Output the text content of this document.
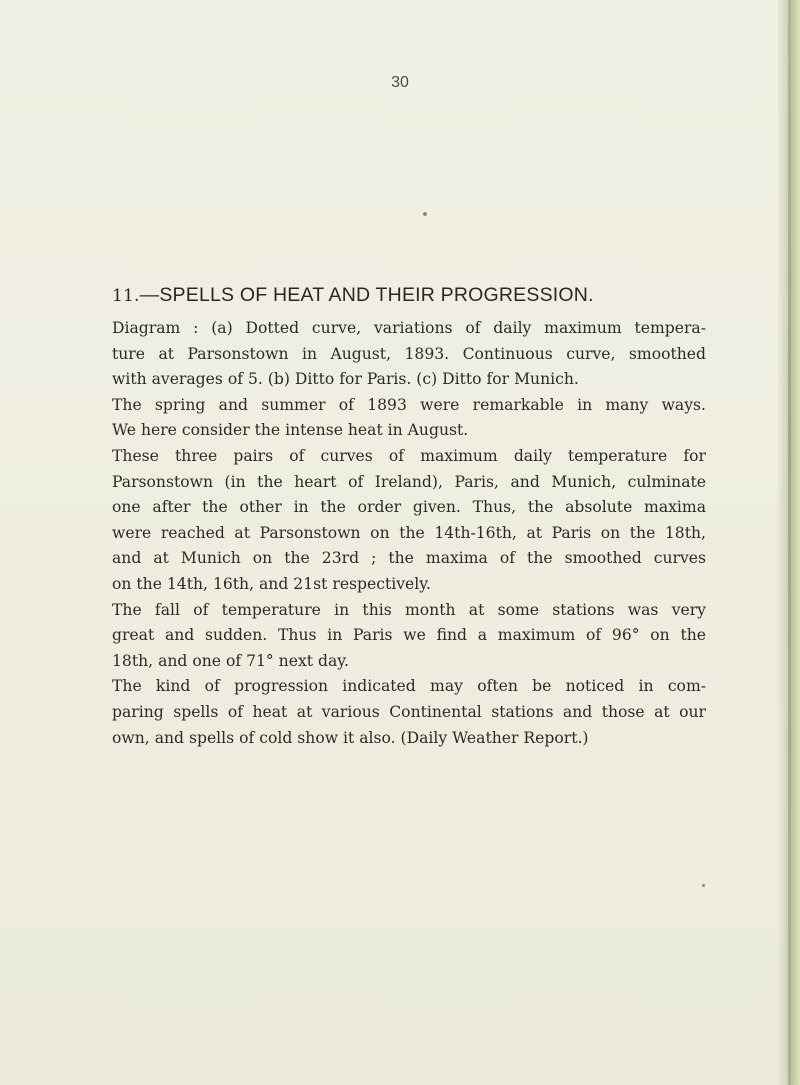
30
11.—SPELLS OF HEAT AND THEIR PROGRESSION.

Diagram : (a) Dotted curve, variations of daily maximum tempera-
ture at Parsonstown in August, 1893. Continuous curve, smoothed
with averages of 5. (b) Ditto for Paris. (c) Ditto for Munich.

The spring and summer of 1893 were remarkable in many ways.
We here consider the intense heat in August.

These three pairs of curves of maximum daily temperature for
Parsonstown (in the heart of Ireland), Paris, and Munich, culminate
one after the other in the order given. Thus, the absolute maxima
were reached at Parsonstown on the 14th-16th, at Paris on the 18th,
and at Munich on the 23rd ; the maxima of the smoothed curves
on the 14th, 16th, and 21st respectively.

The fall of temperature in this month at some stations was very
great and sudden. Thus in Paris we find a maximum of 96° on the
18th, and one of 71° next day.

The kind of progression indicated may often be noticed in com-
paring spells of heat at various Continental stations and those at our
own, and spells of cold show it also. (Daily Weather Report.)
